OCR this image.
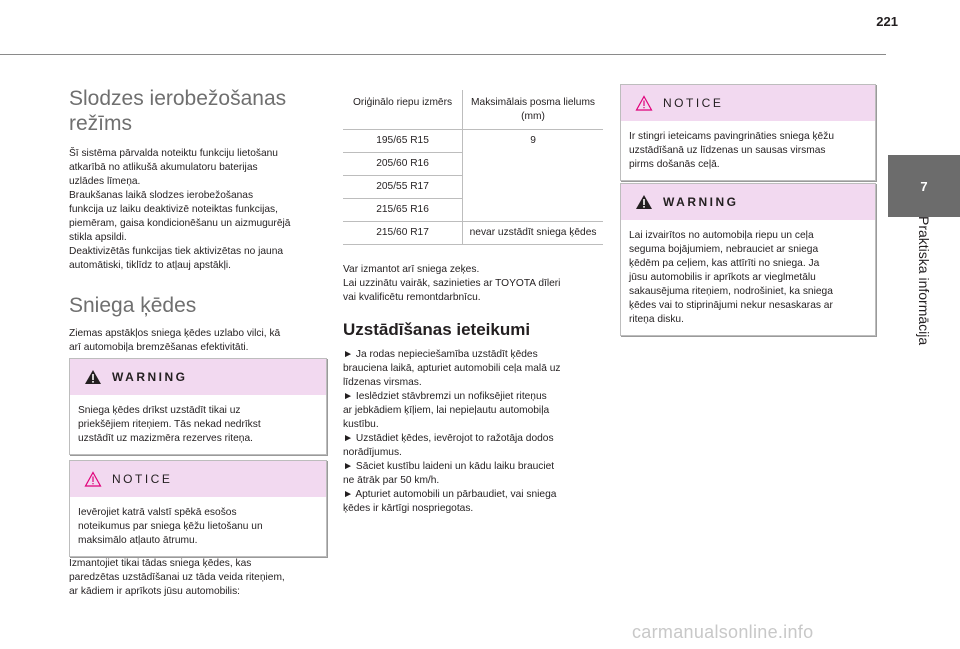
221
7
Praktiska informācija
Slodzes ierobežošanas režīms

Šī sistēma pārvalda noteiktu funkciju lietošanu

atkarībā no atlikušā akumulatoru baterijas

uzlādes līmeņa.

Braukšanas laikā slodzes ierobežošanas

funkcija uz laiku deaktivizē noteiktas funkcijas,

piemēram, gaisa kondicionēšanu un aizmugurējā

stikla apsildi.

Deaktivizētās funkcijas tiek aktivizētas no jauna

automātiski, tiklīdz to atļauj apstākļi.

Sniega ķēdes

Ziemas apstākļos sniega ķēdes uzlabo vilci, kā

arī automobiļa bremzēšanas efektivitāti.

WARNING

Sniega ķēdes drīkst uzstādīt tikai uz

priekšējiem riteņiem. Tās nekad nedrīkst

uzstādīt uz mazizmēra rezerves riteņa.

NOTICE

Ievērojiet katrā valstī spēkā esošos

noteikumus par sniega ķēžu lietošanu un

maksimālo atļauto ātrumu.

Izmantojiet tikai tādas sniega ķēdes, kas

paredzētas uzstādīšanai uz tāda veida riteņiem,

ar kādiem ir aprīkots jūsu automobilis:

Oriģinālo riepu izmērs	Maksimālais posma lielums (mm)
195/65 R15	9
205/60 R16	
205/55 R17	
215/65 R16	
215/60 R17	nevar uzstādīt sniega ķēdes

Var izmantot arī sniega zeķes.

Lai uzzinātu vairāk, sazinieties ar TOYOTA dīleri

vai kvalificētu remontdarbnīcu.

Uzstādīšanas ieteikumi

► Ja rodas nepieciešamība uzstādīt ķēdes

brauciena laikā, apturiet automobili ceļa malā uz

līdzenas virsmas.

► Ieslēdziet stāvbremzi un nofiksējiet riteņus

ar jebkādiem ķīļiem, lai nepieļautu automobiļa

kustību.

► Uzstādiet ķēdes, ievērojot to ražotāja dodos

norādījumus.

► Sāciet kustību laideni un kādu laiku brauciet

ne ātrāk par 50 km/h.

► Apturiet automobili un pārbaudiet, vai sniega

ķēdes ir kārtīgi nospriegotas.

NOTICE

Ir stingri ieteicams pavingrināties sniega ķēžu

uzstādīšanā uz līdzenas un sausas virsmas

pirms došanās ceļā.

WARNING

Lai izvairītos no automobiļa riepu un ceļa

seguma bojājumiem, nebrauciet ar sniega

ķēdēm pa ceļiem, kas attīrīti no sniega. Ja

jūsu automobilis ir aprīkots ar vieglmetālu

sakausējuma riteņiem, nodrošiniet, ka sniega

ķēdes vai to stiprinājumi nekur nesaskaras ar

riteņa disku.

carmanualsonline.info
